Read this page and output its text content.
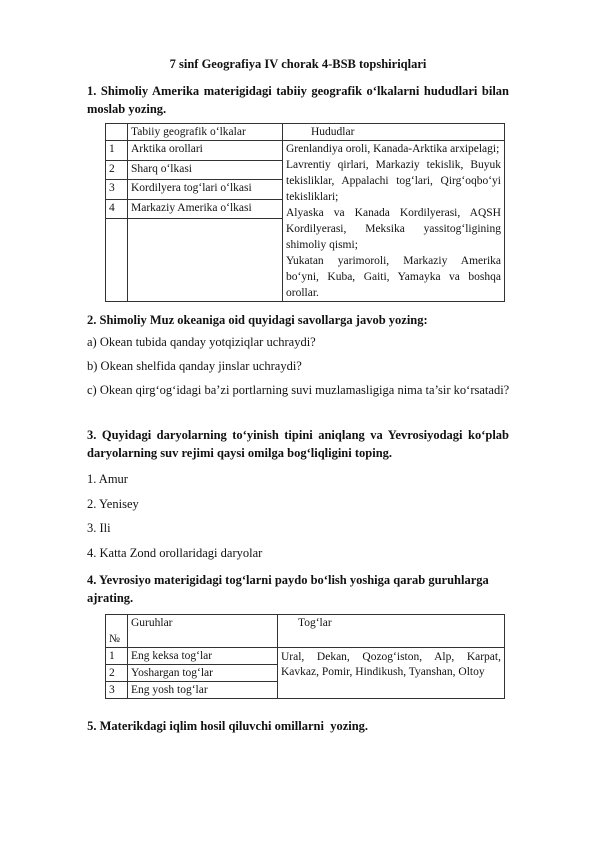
7 sinf Geografiya IV chorak 4-BSB topshiriqlari
1. Shimoliy Amerika materigidagi tabiiy geografik o‘lkalarni hududlari bilan moslab yozing.
	Tabiiy geografik o‘lkalar	Hududlar
1	Arktika orollari	Grenlandiya oroli, Kanada-Arktika arxipelagi;
Lavrentiy qirlari, Markaziy tekislik, Buyuk tekisliklar, Appalachi tog‘lari, Qirg‘oqbo‘yi tekisliklari;
Alyaska va Kanada Kordilyerasi, AQSH Kordilyerasi, Meksika yassitog‘ligining shimoliy qismi;
Yukatan yarimoroli, Markaziy Amerika bo‘yni, Kuba, Gaiti, Yamayka va boshqa orollar.

2	Sharq o‘lkasi	
3	Kordilyera tog‘lari o‘lkasi	
4	Markaziy Amerika o‘lkasi	

2. Shimoliy Muz okeaniga oid quyidagi savollarga javob yozing:
a) Okean tubida qanday yotqiziqlar uchraydi?
b) Okean shelfida qanday jinslar uchraydi?
c) Okean qirg‘og‘idagi ba’zi portlarning suvi muzlamasligiga nima ta’sir ko‘rsatadi?
3. Quyidagi daryolarning to‘yinish tipini aniqlang va Yevrosiyodagi ko‘plab daryolarning suv rejimi qaysi omilga bog‘liqligini toping.
1. Amur
2. Yenisey
3. Ili
4. Katta Zond orollaridagi daryolar
4. Yevrosiyo materigidagi tog‘larni paydo bo‘lish yoshiga qarab guruhlarga ajrating.
№	Guruhlar	Tog‘lar
1	Eng keksa tog‘lar	Ural, Dekan, Qozog‘iston, Alp, Karpat, Kavkaz, Pomir, Hindikush, Tyanshan, Oltoy
2	Yoshargan tog‘lar	
3	Eng yosh tog‘lar	
5. Materikdagi iqlim hosil qiluvchi omillarni  yozing.
